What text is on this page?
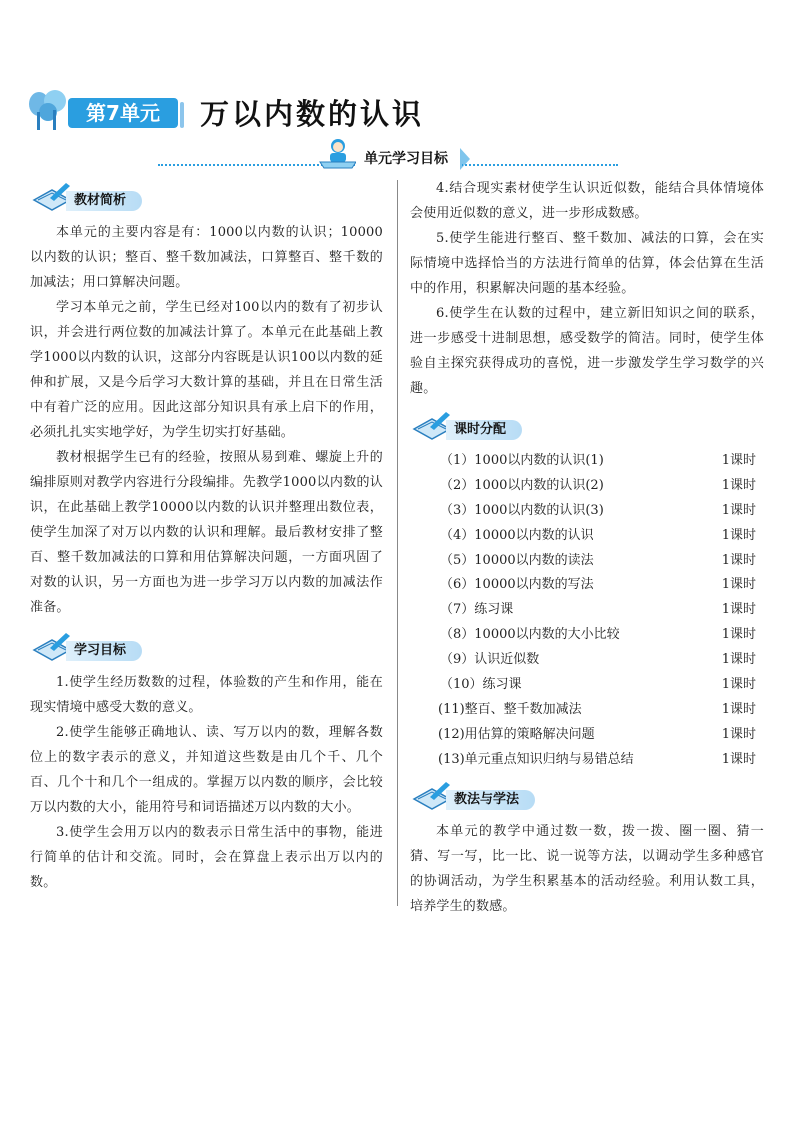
第7单元	万以内数的认识
单元学习目标
教材简析

本单元的主要内容是有：1000以内数的认识；10000以内数的认识；整百、整千数加减法，口算整百、整千数的加减法；用口算解决问题。

学习本单元之前，学生已经对100以内的数有了初步认识，并会进行两位数的加减法计算了。本单元在此基础上教学1000以内数的认识，这部分内容既是认识100以内数的延伸和扩展，又是今后学习大数计算的基础，并且在日常生活中有着广泛的应用。因此这部分知识具有承上启下的作用，必须扎扎实实地学好，为学生切实打好基础。

教材根据学生已有的经验，按照从易到难、螺旋上升的编排原则对教学内容进行分段编排。先教学1000以内数的认识，在此基础上教学10000以内数的认识并整理出数位表，使学生加深了对万以内数的认识和理解。最后教材安排了整百、整千数加减法的口算和用估算解决问题，一方面巩固了对数的认识，另一方面也为进一步学习万以内数的加减法作准备。

学习目标

1.使学生经历数数的过程，体验数的产生和作用，能在现实情境中感受大数的意义。

2.使学生能够正确地认、读、写万以内的数，理解各数位上的数字表示的意义，并知道这些数是由几个千、几个百、几个十和几个一组成的。掌握万以内数的顺序，会比较万以内数的大小，能用符号和词语描述万以内数的大小。

3.使学生会用万以内的数表示日常生活中的事物，能进行简单的估计和交流。同时，会在算盘上表示出万以内的数。

4.结合现实素材使学生认识近似数，能结合具体情境体会使用近似数的意义，进一步形成数感。

5.使学生能进行整百、整千数加、减法的口算，会在实际情境中选择恰当的方法进行简单的估算，体会估算在生活中的作用，积累解决问题的基本经验。

6.使学生在认数的过程中，建立新旧知识之间的联系，进一步感受十进制思想，感受数学的简洁。同时，使学生体验自主探究获得成功的喜悦，进一步激发学生学习数学的兴趣。

课时分配
（1）1000以内数的认识(1)	1课时
（2）1000以内数的认识(2)	1课时
（3）1000以内数的认识(3)	1课时
（4）10000以内数的认识	1课时
（5）10000以内数的读法	1课时
（6）10000以内数的写法	1课时
（7）练习课	1课时
（8）10000以内数的大小比较	1课时
（9）认识近似数	1课时
（10）练习课	1课时
(11)整百、整千数加减法	1课时
(12)用估算的策略解决问题	1课时
(13)单元重点知识归纳与易错总结	1课时
教法与学法

本单元的教学中通过数一数，拨一拨、圈一圈、猜一猜、写一写，比一比、说一说等方法，以调动学生多种感官的协调活动，为学生积累基本的活动经验。利用认数工具，培养学生的数感。
